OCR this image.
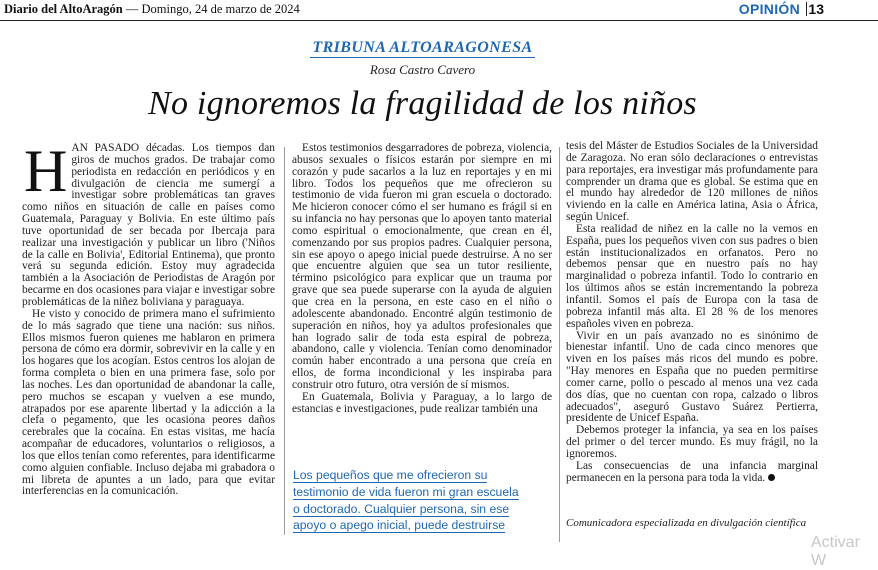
Diario del AltoAragón — Domingo, 24 de marzo de 2024	OPINIÓN 13
TRIBUNA ALTOARAGONESA
Rosa Castro Cavero
No ignoremos la fragilidad de los niños

HAN PASADO décadas. Los tiempos dan giros de muchos grados. De trabajar como periodista en redacción en periódicos y en divulgación de ciencia me sumergí a investigar sobre problemáticas tan graves como niños en situación de calle en países como Guatemala, Paraguay y Bolivia. En este último país tuve oportunidad de ser becada por Ibercaja para realizar una investigación y publicar un libro ('Niños de la calle en Bolivia', Editorial Entinema), que pronto verá su segunda edición. Estoy muy agradecida también a la Asociación de Periodistas de Aragón por becarme en dos ocasiones para viajar e investigar sobre problemáticas de la niñez boliviana y paraguaya.

He visto y conocido de primera mano el sufrimiento de lo más sagrado que tiene una nación: sus niños. Ellos mismos fueron quienes me hablaron en primera persona de cómo era dormir, sobrevivir en la calle y en los hogares que los acogían. Estos centros los alojan de forma completa o bien en una primera fase, solo por las noches. Les dan oportunidad de abandonar la calle, pero muchos se escapan y vuelven a ese mundo, atrapados por ese aparente libertad y la adicción a la clefa o pegamento, que les ocasiona peores daños cerebrales que la cocaína. En estas visitas, me hacía acompañar de educadores, voluntarios o religiosos, a los que ellos tenían como referentes, para identificarme como alguien confiable. Incluso dejaba mi grabadora o mi libreta de apuntes a un lado, para que evitar interferencias en la comunicación.

Estos testimonios desgarradores de pobreza, violencia, abusos sexuales o físicos estarán por siempre en mi corazón y pude sacarlos a la luz en reportajes y en mi libro. Todos los pequeños que me ofrecieron su testimonio de vida fueron mi gran escuela o doctorado. Me hicieron conocer cómo el ser humano es frágil si en su infancia no hay personas que lo apoyen tanto material como espiritual o emocionalmente, que crean en él, comenzando por sus propios padres. Cualquier persona, sin ese apoyo o apego inicial puede destruirse. A no ser que encuentre alguien que sea un tutor resiliente, término psicológico para explicar que un trauma por grave que sea puede superarse con la ayuda de alguien que crea en la persona, en este caso en el niño o adolescente abandonado. Encontré algún testimonio de superación en niños, hoy ya adultos profesionales que han logrado salir de toda esta espiral de pobreza, abandono, calle y violencia. Tenían como denominador común haber encontrado a una persona que creía en ellos, de forma incondicional y les inspiraba para construir otro futuro, otra versión de sí mismos.

En Guatemala, Bolivia y Paraguay, a lo largo de estancias e investigaciones, pude realizar también una

Los pequeños que me ofrecieron su testimonio de vida fueron mi gran escuela o doctorado. Cualquier persona, sin ese apoyo o apego inicial, puede destruirse

tesis del Máster de Estudios Sociales de la Universidad de Zaragoza. No eran sólo declaraciones o entrevistas para reportajes, era investigar más profundamente para comprender un drama que es global. Se estima que en el mundo hay alrededor de 120 millones de niños viviendo en la calle en América latina, Asia o África, según Unicef.

Esta realidad de niñez en la calle no la vemos en España, pues los pequeños viven con sus padres o bien están institucionalizados en orfanatos. Pero no debemos pensar que en nuestro país no hay marginalidad o pobreza infantil. Todo lo contrario en los últimos años se están incrementando la pobreza infantil. Somos el país de Europa con la tasa de pobreza infantil más alta. El 28 % de los menores españoles viven en pobreza.

Vivir en un país avanzado no es sinónimo de bienestar infantil. Uno de cada cinco menores que viven en los países más ricos del mundo es pobre. "Hay menores en España que no pueden permitirse comer carne, pollo o pescado al menos una vez cada dos días, que no cuentan con ropa, calzado o libros adecuados", aseguró Gustavo Suárez Pertierra, presidente de Unicef España.

Debemos proteger la infancia, ya sea en los países del primer o del tercer mundo. Es muy frágil, no la ignoremos.

Las consecuencias de una infancia marginal permanecen en la persona para toda la vida.

Comunicadora especializada en divulgación científica
Activar W
